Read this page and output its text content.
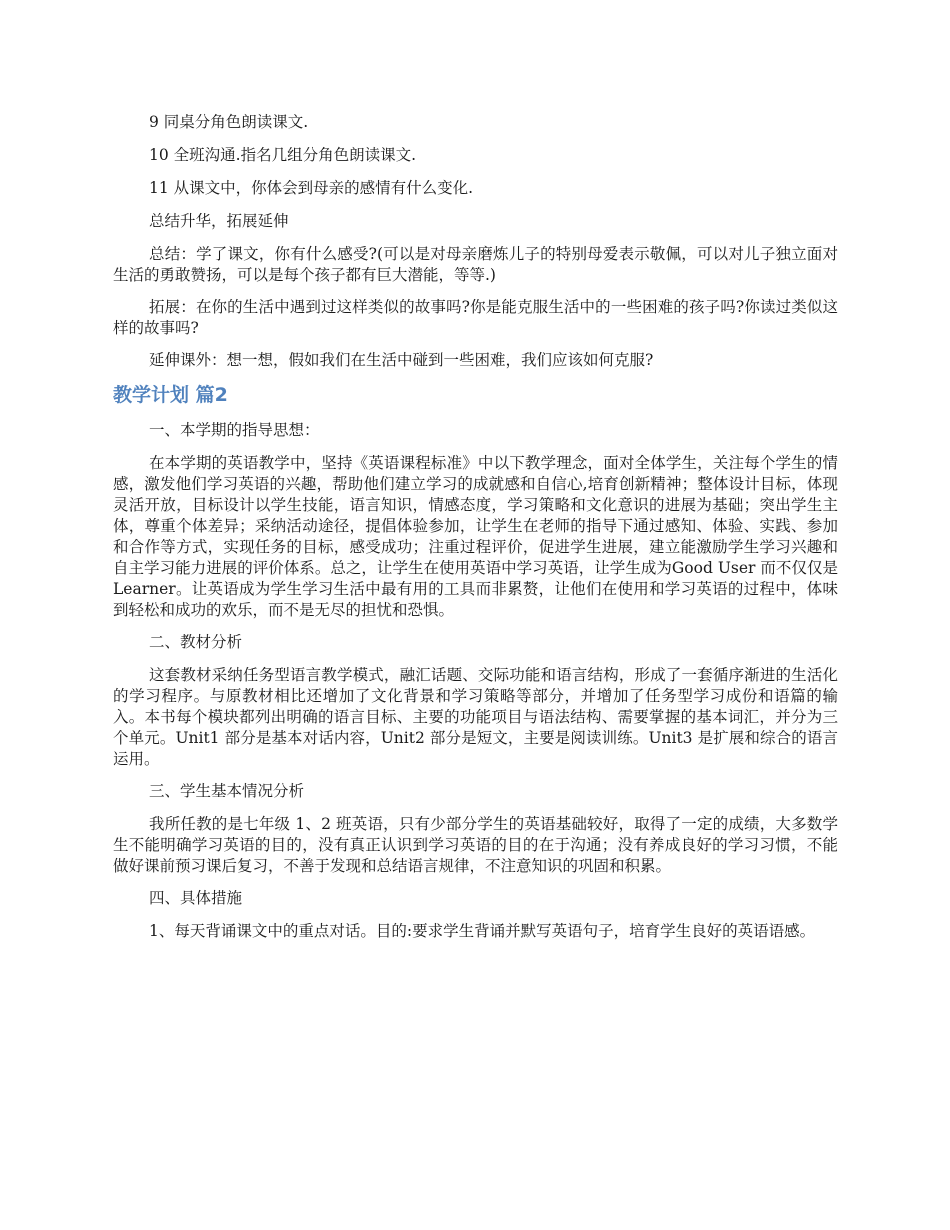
9 同桌分角色朗读课文.

10 全班沟通.指名几组分角色朗读课文.

11 从课文中，你体会到母亲的感情有什么变化.

总结升华，拓展延伸

总结：学了课文，你有什么感受?(可以是对母亲磨炼儿子的特别母爱表示敬佩，可以对儿子独立面对生活的勇敢赞扬，可以是每个孩子都有巨大潜能，等等.)

拓展：在你的生活中遇到过这样类似的故事吗?你是能克服生活中的一些困难的孩子吗?你读过类似这样的故事吗?

延伸课外：想一想，假如我们在生活中碰到一些困难，我们应该如何克服?

教学计划 篇2

一、本学期的指导思想：

在本学期的英语教学中，坚持《英语课程标准》中以下教学理念，面对全体学生，关注每个学生的情感，激发他们学习英语的兴趣，帮助他们建立学习的成就感和自信心,培育创新精神；整体设计目标，体现灵活开放，目标设计以学生技能，语言知识，情感态度，学习策略和文化意识的进展为基础；突出学生主体，尊重个体差异；采纳活动途径，提倡体验参加，让学生在老师的指导下通过感知、体验、实践、参加和合作等方式，实现任务的目标，感受成功；注重过程评价，促进学生进展，建立能激励学生学习兴趣和自主学习能力进展的评价体系。总之，让学生在使用英语中学习英语，让学生成为Good User 而不仅仅是Learner。让英语成为学生学习生活中最有用的工具而非累赘，让他们在使用和学习英语的过程中，体味到轻松和成功的欢乐，而不是无尽的担忧和恐惧。

二、教材分析

这套教材采纳任务型语言教学模式，融汇话题、交际功能和语言结构，形成了一套循序渐进的生活化的学习程序。与原教材相比还增加了文化背景和学习策略等部分，并增加了任务型学习成份和语篇的输入。本书每个模块都列出明确的语言目标、主要的功能项目与语法结构、需要掌握的基本词汇，并分为三个单元。Unit1 部分是基本对话内容，Unit2 部分是短文，主要是阅读训练。Unit3 是扩展和综合的语言运用。

三、学生基本情况分析

我所任教的是七年级 1、2 班英语，只有少部分学生的英语基础较好，取得了一定的成绩，大多数学生不能明确学习英语的目的，没有真正认识到学习英语的目的在于沟通；没有养成良好的学习习惯，不能做好课前预习课后复习，不善于发现和总结语言规律，不注意知识的巩固和积累。

四、具体措施

1、每天背诵课文中的重点对话。目的:要求学生背诵并默写英语句子，培育学生良好的英语语感。
